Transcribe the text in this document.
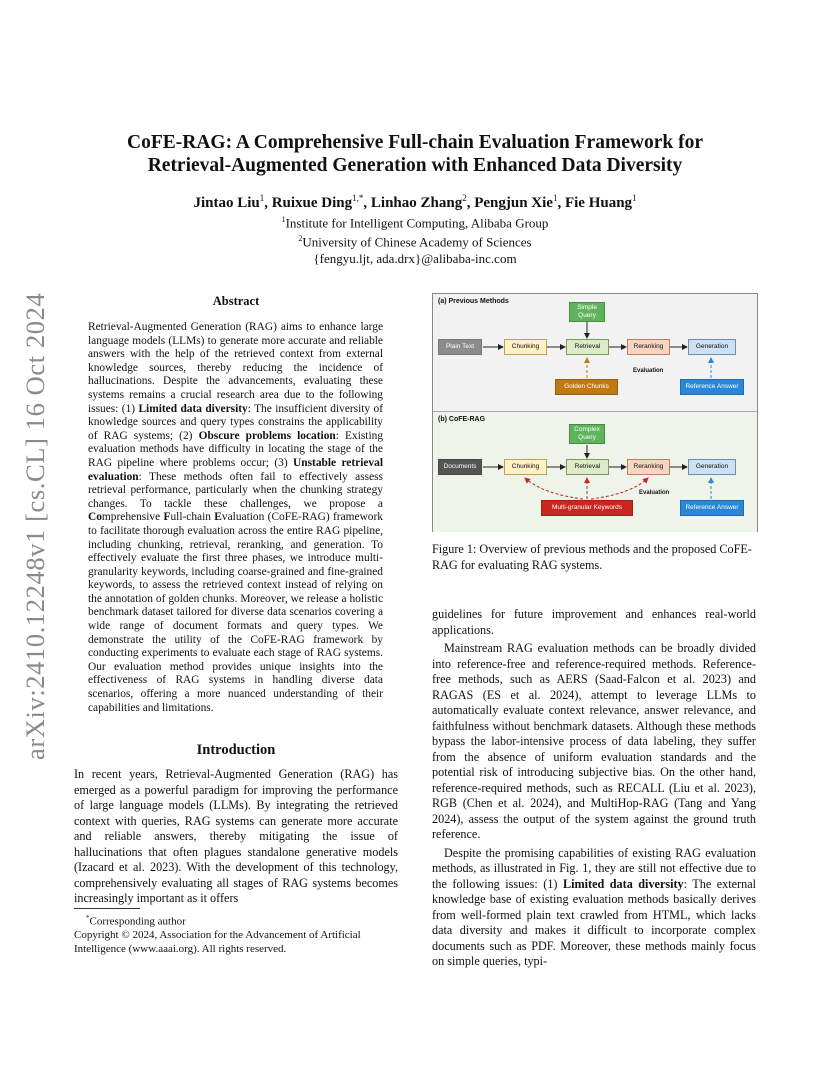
arXiv:2410.12248v1 [cs.CL] 16 Oct 2024
CoFE-RAG: A Comprehensive Full-chain Evaluation Framework for
Retrieval-Augmented Generation with Enhanced Data Diversity
Jintao Liu$^1$, Ruixue Ding$^{1,*}$, Linhao Zhang$^2$, Pengjun Xie$^1$, Fie Huang$^1$
$^1$Institute for Intelligent Computing, Alibaba Group
$^2$University of Chinese Academy of Sciences
{fengyu.ljt, ada.drx}@alibaba-inc.com
Abstract
Retrieval-Augmented Generation (RAG) aims to enhance large language models (LLMs) to generate more accurate and reliable answers with the help of the retrieved context from external knowledge sources, thereby reducing the incidence of hallucinations. Despite the advancements, evaluating these systems remains a crucial research area due to the following issues: (1) Limited data diversity: The insufficient diversity of knowledge sources and query types constrains the applicability of RAG systems; (2) Obscure problems location: Existing evaluation methods have difficulty in locating the stage of the RAG pipeline where problems occur; (3) Unstable retrieval evaluation: These methods often fail to effectively assess retrieval performance, particularly when the chunking strategy changes. To tackle these challenges, we propose a Comprehensive Full-chain Evaluation (CoFE-RAG) framework to facilitate thorough evaluation across the entire RAG pipeline, including chunking, retrieval, reranking, and generation. To effectively evaluate the first three phases, we introduce multi-granularity keywords, including coarse-grained and fine-grained keywords, to assess the retrieved context instead of relying on the annotation of golden chunks. Moreover, we release a holistic benchmark dataset tailored for diverse data scenarios covering a wide range of document formats and query types. We demonstrate the utility of the CoFE-RAG framework by conducting experiments to evaluate each stage of RAG systems. Our evaluation method provides unique insights into the effectiveness of RAG systems in handling diverse data scenarios, offering a more nuanced understanding of their capabilities and limitations.
Introduction

In recent years, Retrieval-Augmented Generation (RAG) has emerged as a powerful paradigm for improving the performance of large language models (LLMs). By integrating the retrieved context with queries, RAG systems can generate more accurate and reliable answers, thereby mitigating the issue of hallucinations that often plagues standalone generative models (Izacard et al. 2023). With the development of this technology, comprehensively evaluating all stages of RAG systems becomes increasingly important as it offers

*Corresponding author
Copyright © 2024, Association for the Advancement of Artificial Intelligence (www.aaai.org). All rights reserved.
(a) Previous Methods
(b) CoFE-RAG
Plain Text	Chunking	Retrieval	Reranking	Generation
Simple Query
Golden Chunks	Reference Answer
Evaluation
Documents	Chunking	Retrieval	Reranking	Generation
Complex Query
Multi-granular Keywords	Reference Answer
Evaluation
Figure 1: Overview of previous methods and the proposed CoFE-RAG for evaluating RAG systems.

guidelines for future improvement and enhances real-world applications.

Mainstream RAG evaluation methods can be broadly divided into reference-free and reference-required methods. Reference-free methods, such as AERS (Saad-Falcon et al. 2023) and RAGAS (ES et al. 2024), attempt to leverage LLMs to automatically evaluate context relevance, answer relevance, and faithfulness without benchmark datasets. Although these methods bypass the labor-intensive process of data labeling, they suffer from the absence of uniform evaluation standards and the potential risk of introducing subjective bias. On the other hand, reference-required methods, such as RECALL (Liu et al. 2023), RGB (Chen et al. 2024), and MultiHop-RAG (Tang and Yang 2024), assess the output of the system against the ground truth reference.

Despite the promising capabilities of existing RAG evaluation methods, as illustrated in Fig. 1, they are still not effective due to the following issues: (1) Limited data diversity: The external knowledge base of existing evaluation methods basically derives from well-formed plain text crawled from HTML, which lacks data diversity and makes it difficult to incorporate complex documents such as PDF. Moreover, these methods mainly focus on simple queries, typi-
